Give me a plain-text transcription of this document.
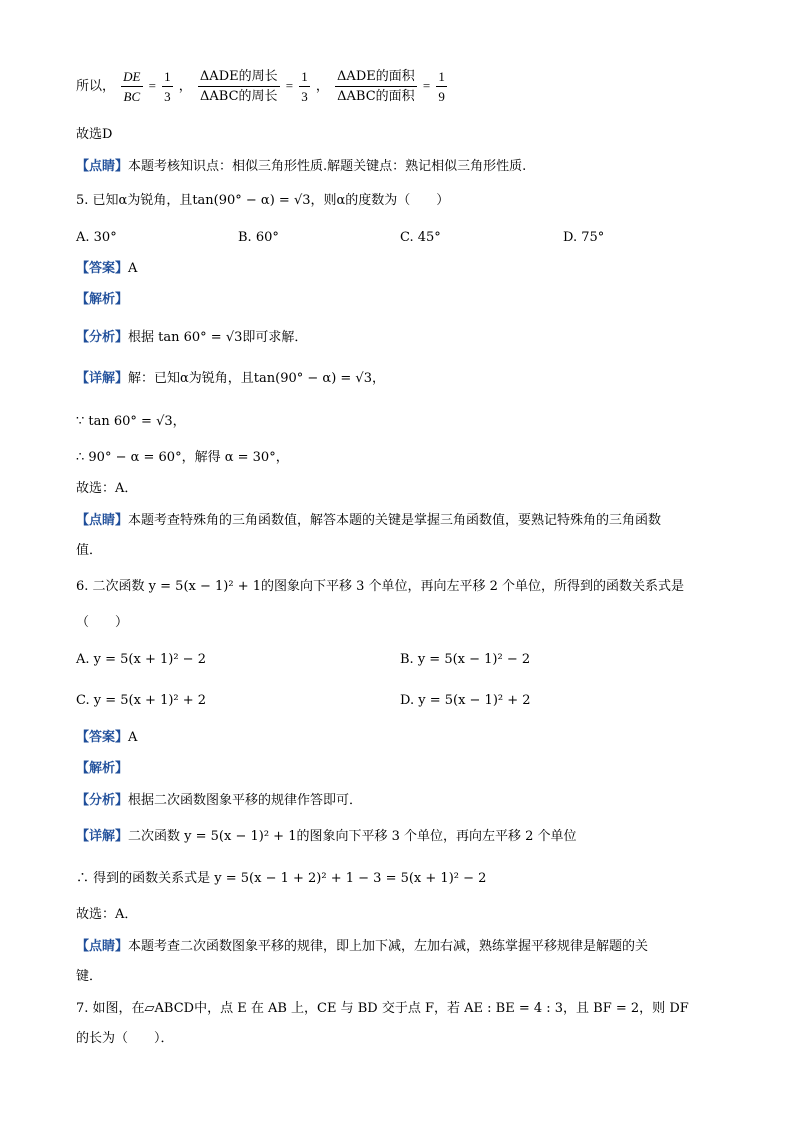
所以， $\frac{DE}{BC} = \frac{1}{3}$ ， $\frac{\text{ΔADE的周长}}{\text{ΔABC的周长}} = \frac{1}{3}$ ， $\frac{\text{ΔADE的面积}}{\text{ΔABC的面积}} = \frac{1}{9}$
故选D
【点睛】本题考核知识点：相似三角形性质.解题关键点：熟记相似三角形性质.
5. 已知α为锐角，且tan(90° − α) = √3，则α的度数为（　　）
A. 30°	B. 60°	C. 45°	D. 75°
【答案】A
【解析】
【分析】根据 tan 60° = √3即可求解．
【详解】解：已知α为锐角，且tan(90° − α) = √3，
∵ tan 60° = √3，
∴ 90° − α = 60°，解得 α = 30°，
故选：A．
【点睛】本题考查特殊角的三角函数值，解答本题的关键是掌握三角函数值，要熟记特殊角的三角函数
值．
6. 二次函数 y = 5(x − 1)² + 1的图象向下平移 3 个单位，再向左平移 2 个单位，所得到的函数关系式是
（　　）
A. y = 5(x + 1)² − 2	B. y = 5(x − 1)² − 2
C. y = 5(x + 1)² + 2	D. y = 5(x − 1)² + 2
【答案】A
【解析】
【分析】根据二次函数图象平移的规律作答即可．
【详解】二次函数 y = 5(x − 1)² + 1的图象向下平移 3 个单位，再向左平移 2 个单位
∴ 得到的函数关系式是 y = 5(x − 1 + 2)² + 1 − 3 = 5(x + 1)² − 2
故选：A．
【点睛】本题考查二次函数图象平移的规律，即上加下减，左加右减，熟练掌握平移规律是解题的关
键．
7. 如图，在▱ABCD中，点 E 在 AB 上，CE 与 BD 交于点 F，若 AE : BE = 4 : 3，且 BF = 2，则 DF
的长为（　　）．
